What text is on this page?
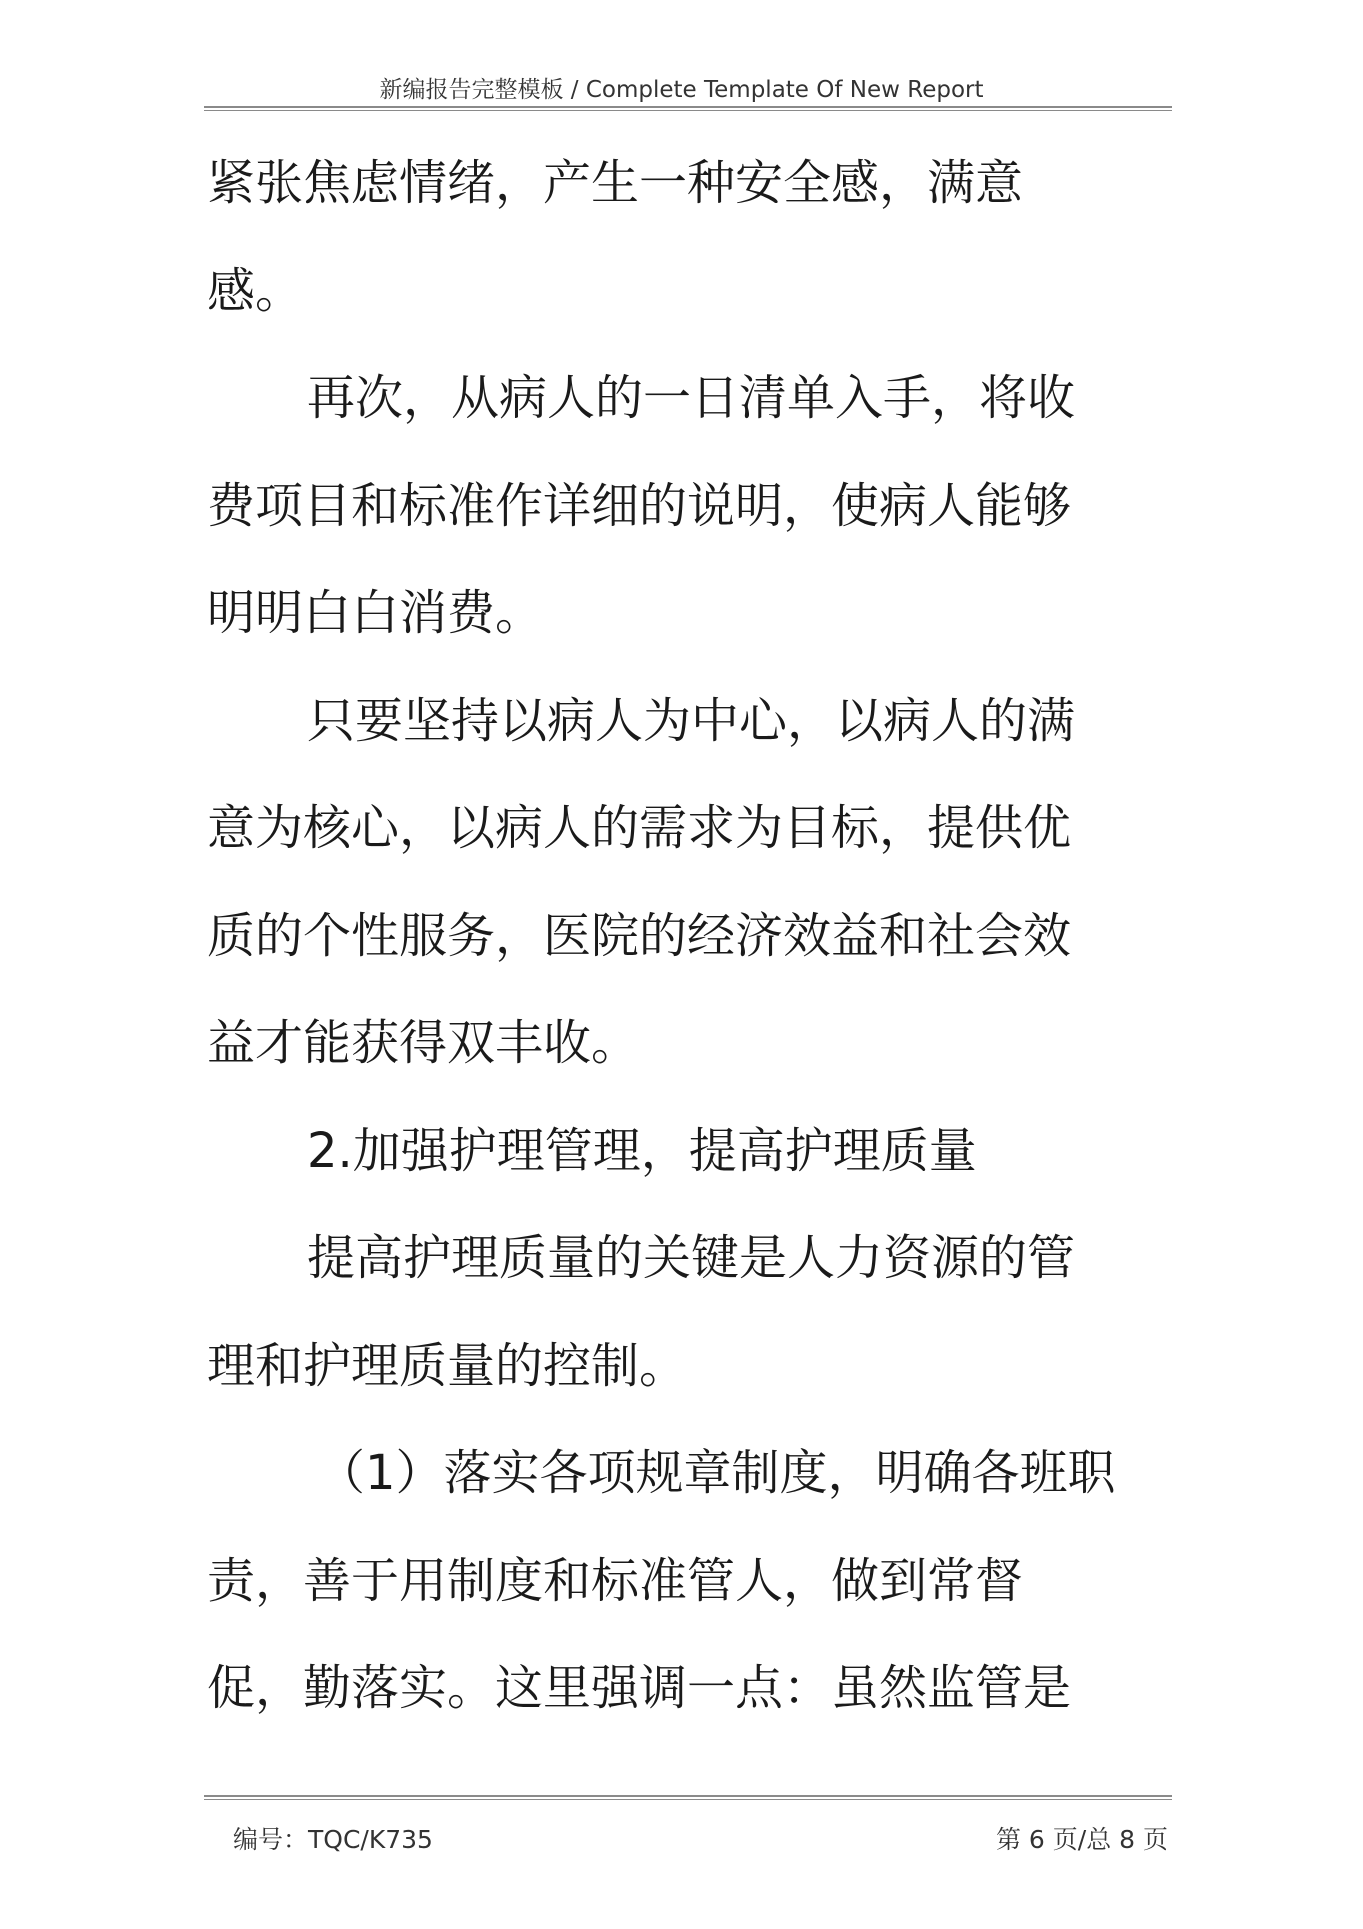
新编报告完整模板 / Complete Template Of New Report
紧张焦虑情绪，产生一种安全感，满意
感。
再次，从病人的一日清单入手，将收
费项目和标准作详细的说明，使病人能够
明明白白消费。
只要坚持以病人为中心，以病人的满
意为核心，以病人的需求为目标，提供优
质的个性服务，医院的经济效益和社会效
益才能获得双丰收。
2.加强护理管理，提高护理质量
提高护理质量的关键是人力资源的管
理和护理质量的控制。
（1）落实各项规章制度，明确各班职
责，善于用制度和标准管人，做到常督
促，勤落实。这里强调一点：虽然监管是
编号：TQC/K735	第 6 页/总 8 页
